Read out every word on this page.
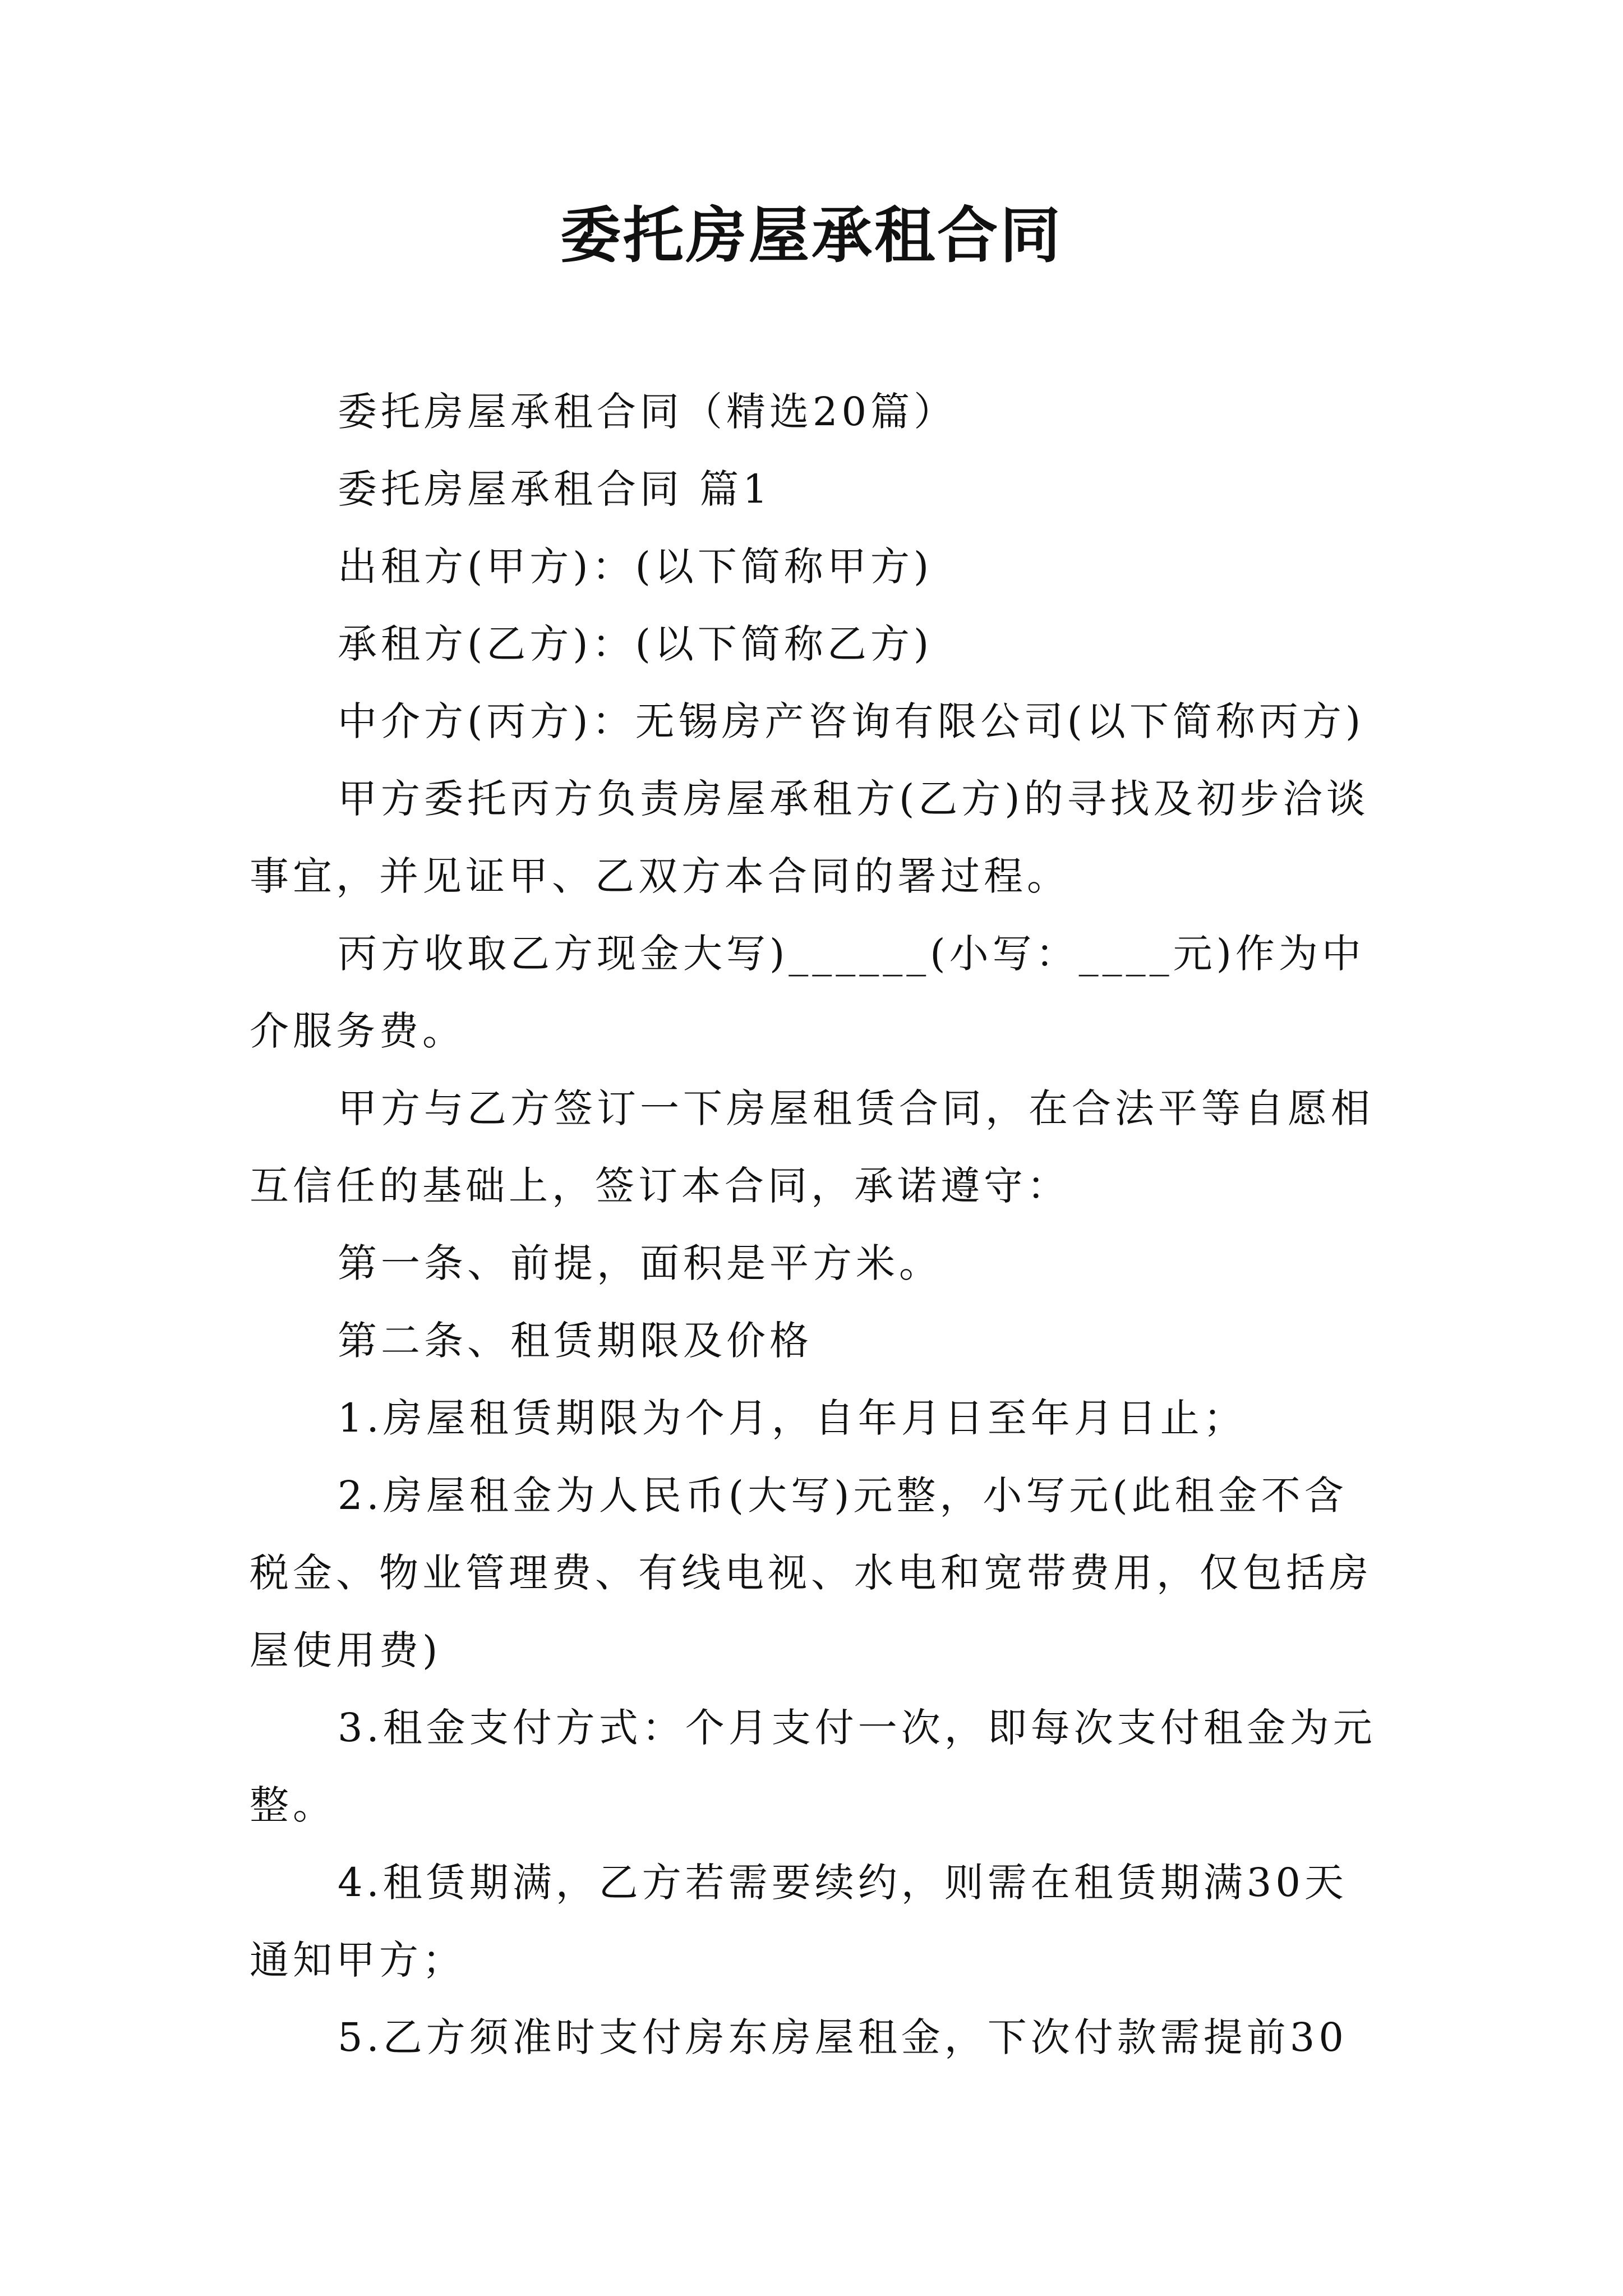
委托房屋承租合同

委托房屋承租合同（精选20篇）

委托房屋承租合同 篇1

出租方(甲方)：(以下简称甲方)

承租方(乙方)：(以下简称乙方)

中介方(丙方)：无锡房产咨询有限公司(以下简称丙方)

甲方委托丙方负责房屋承租方(乙方)的寻找及初步洽谈事宜，并见证甲、乙双方本合同的署过程。

丙方收取乙方现金大写)______(小写：____元)作为中介服务费。

甲方与乙方签订一下房屋租赁合同，在合法平等自愿相互信任的基础上，签订本合同，承诺遵守：

第一条、前提，面积是平方米。

第二条、租赁期限及价格

1.房屋租赁期限为个月，自年月日至年月日止；

2.房屋租金为人民币(大写)元整，小写元(此租金不含税金、物业管理费、有线电视、水电和宽带费用，仅包括房屋使用费)

3.租金支付方式：个月支付一次，即每次支付租金为元整。

4.租赁期满，乙方若需要续约，则需在租赁期满30天通知甲方；

5.乙方须准时支付房东房屋租金，下次付款需提前30
